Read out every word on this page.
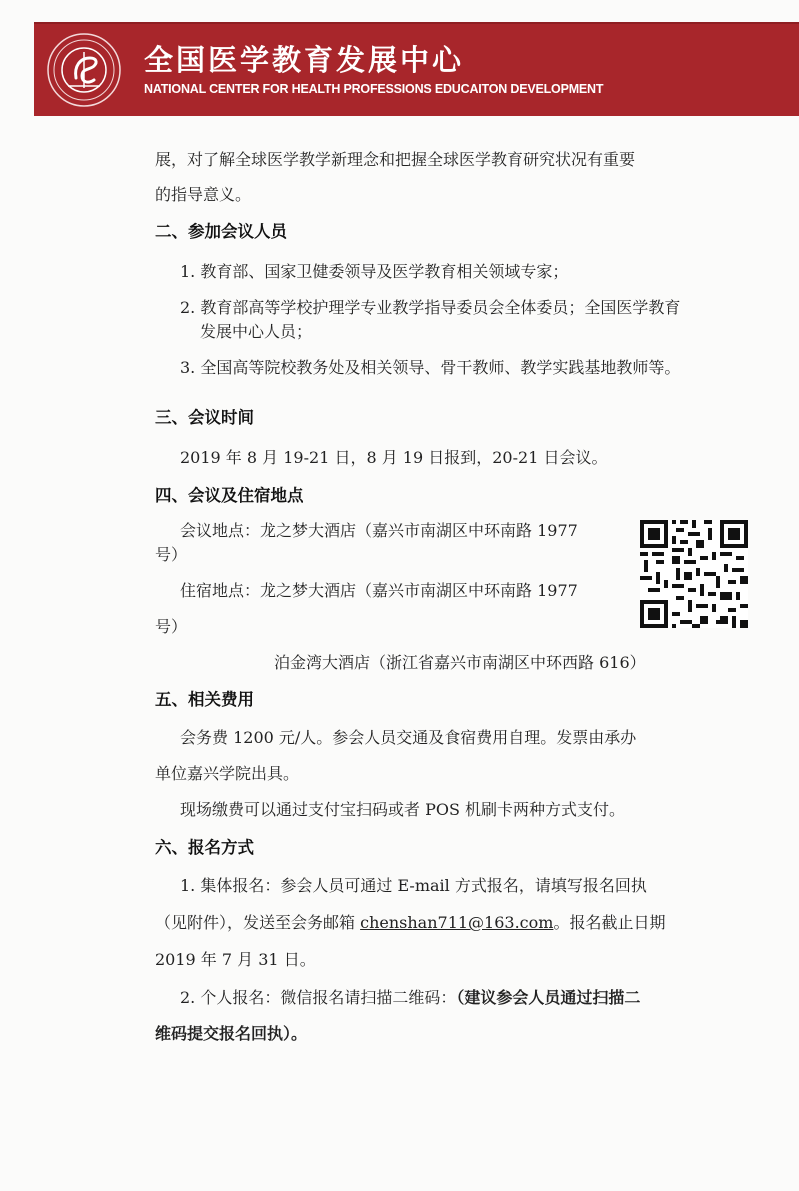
全国医学教育发展中心
NATIONAL CENTER FOR HEALTH PROFESSIONS EDUCAITON DEVELOPMENT
展，对了解全球医学教学新理念和把握全球医学教育研究状况有重要
的指导意义。
二、参加会议人员
1. 教育部、国家卫健委领导及医学教育相关领域专家；
2. 教育部高等学校护理学专业教学指导委员会全体委员；全国医学教育
发展中心人员；
3. 全国高等院校教务处及相关领导、骨干教师、教学实践基地教师等。
三、会议时间
2019 年 8 月 19-21 日，8 月 19 日报到，20-21 日会议。
四、会议及住宿地点
会议地点：龙之梦大酒店（嘉兴市南湖区中环南路 1977
号）
住宿地点：龙之梦大酒店（嘉兴市南湖区中环南路 1977
号）
泊金湾大酒店（浙江省嘉兴市南湖区中环西路 616）
五、相关费用
会务费 1200 元/人。参会人员交通及食宿费用自理。发票由承办
单位嘉兴学院出具。
现场缴费可以通过支付宝扫码或者 POS 机刷卡两种方式支付。
六、报名方式
1. 集体报名：参会人员可通过 E-mail 方式报名，请填写报名回执
（见附件），发送至会务邮箱 chenshan711@163.com。报名截止日期
2019 年 7 月 31 日。
2. 个人报名：微信报名请扫描二维码：（建议参会人员通过扫描二
维码提交报名回执）。
